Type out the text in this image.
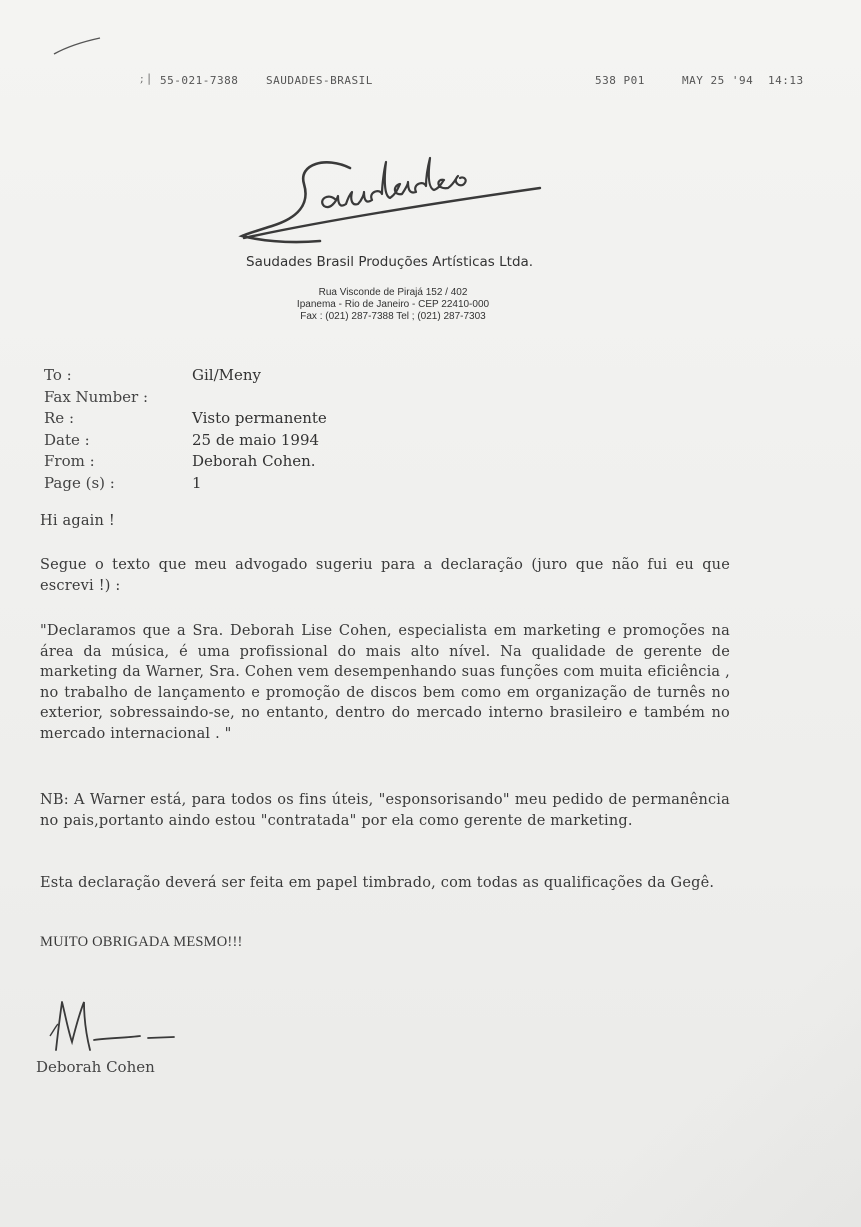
; | 55-021-7388	SAUDADES-BRASIL	538 P01	MAY 25 '94 14:13
Saudades Brasil Produções Artísticas Ltda.
Rua Visconde de Pirajá 152 / 402
Ipanema - Rio de Janeiro - CEP 22410-000
Fax : (021) 287-7388 Tel ; (021) 287-7303
To :	Gil/Meny
Fax Number :
Re :	Visto permanente
Date :	25 de maio 1994
From :	Deborah Cohen.
Page (s) :	1
Hi again !
Segue o texto que meu advogado sugeriu para a declaração (juro que não fui eu que escrevi !) :
"Declaramos que a Sra. Deborah Lise Cohen, especialista em marketing e promoções na área da música, é uma profissional do mais alto nível. Na qualidade de gerente de marketing da Warner, Sra. Cohen vem desempenhando suas funções com muita eficiência , no trabalho de lançamento e promoção de discos bem como em organização de turnês no exterior, sobressaindo-se, no entanto, dentro do mercado interno brasileiro e também no mercado internacional . "
NB: A Warner está, para todos os fins úteis, "esponsorisando" meu pedido de permanência no pais,portanto aindo estou "contratada" por ela como gerente de marketing.
Esta declaração deverá ser feita em papel timbrado, com todas as qualificações da Gegê.
MUITO OBRIGADA MESMO!!!
Deborah Cohen
